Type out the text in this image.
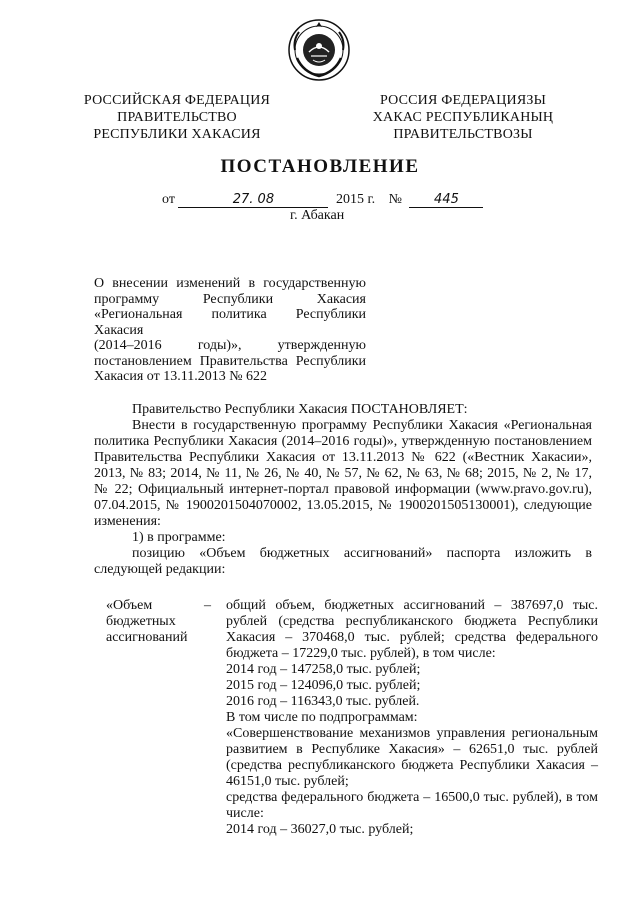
РОССИЙСКАЯ ФЕДЕРАЦИЯ
ПРАВИТЕЛЬСТВО
РЕСПУБЛИКИ ХАКАСИЯ
РОССИЯ ФЕДЕРАЦИЯЗЫ
ХАКАС РЕСПУБЛИКАНЫҢ
ПРАВИТЕЛЬСТВОЗЫ
ПОСТАНОВЛЕНИЕ
от	27. 08	2015 г. № 445
г. Абакан
О внесении изменений в государственную
программу Республики Хакасия
«Региональная политика Республики Хакасия
(2014–2016 годы)», утвержденную
постановлением Правительства Республики
Хакасия от 13.11.2013 № 622
Правительство Республики Хакасия ПОСТАНОВЛЯЕТ:
Внести в государственную программу Республики Хакасия «Региональная
политика Республики Хакасия (2014–2016 годы)», утвержденную постановлением
Правительства Республики Хакасия от 13.11.2013 № 622 («Вестник Хакасии»,
2013, № 83; 2014, № 11, № 26, № 40, № 57, № 62, № 63, № 68; 2015, № 2, № 17,
№ 22; Официальный интернет-портал правовой информации (www.pravo.gov.ru),
07.04.2015, № 1900201504070002, 13.05.2015, № 1900201505130001), следующие
изменения:
1) в программе:
позицию «Объем бюджетных ассигнований» паспорта изложить в
следующей редакции:
«Объем
бюджетных
ассигнований
– общий объем, бюджетных ассигнований – 387697,0 тыс.
рублей (средства республиканского бюджета Республики
Хакасия – 370468,0 тыс. рублей; средства федерального
бюджета – 17229,0 тыс. рублей), в том числе:
2014 год – 147258,0 тыс. рублей;
2015 год – 124096,0 тыс. рублей;
2016 год – 116343,0 тыс. рублей.
В том числе по подпрограммам:
«Совершенствование механизмов управления региональным
развитием в Республике Хакасия» – 62651,0 тыс. рублей
(средства республиканского бюджета Республики Хакасия –
46151,0 тыс. рублей;
средства федерального бюджета – 16500,0 тыс. рублей), в том
числе:
2014 год – 36027,0 тыс. рублей;
